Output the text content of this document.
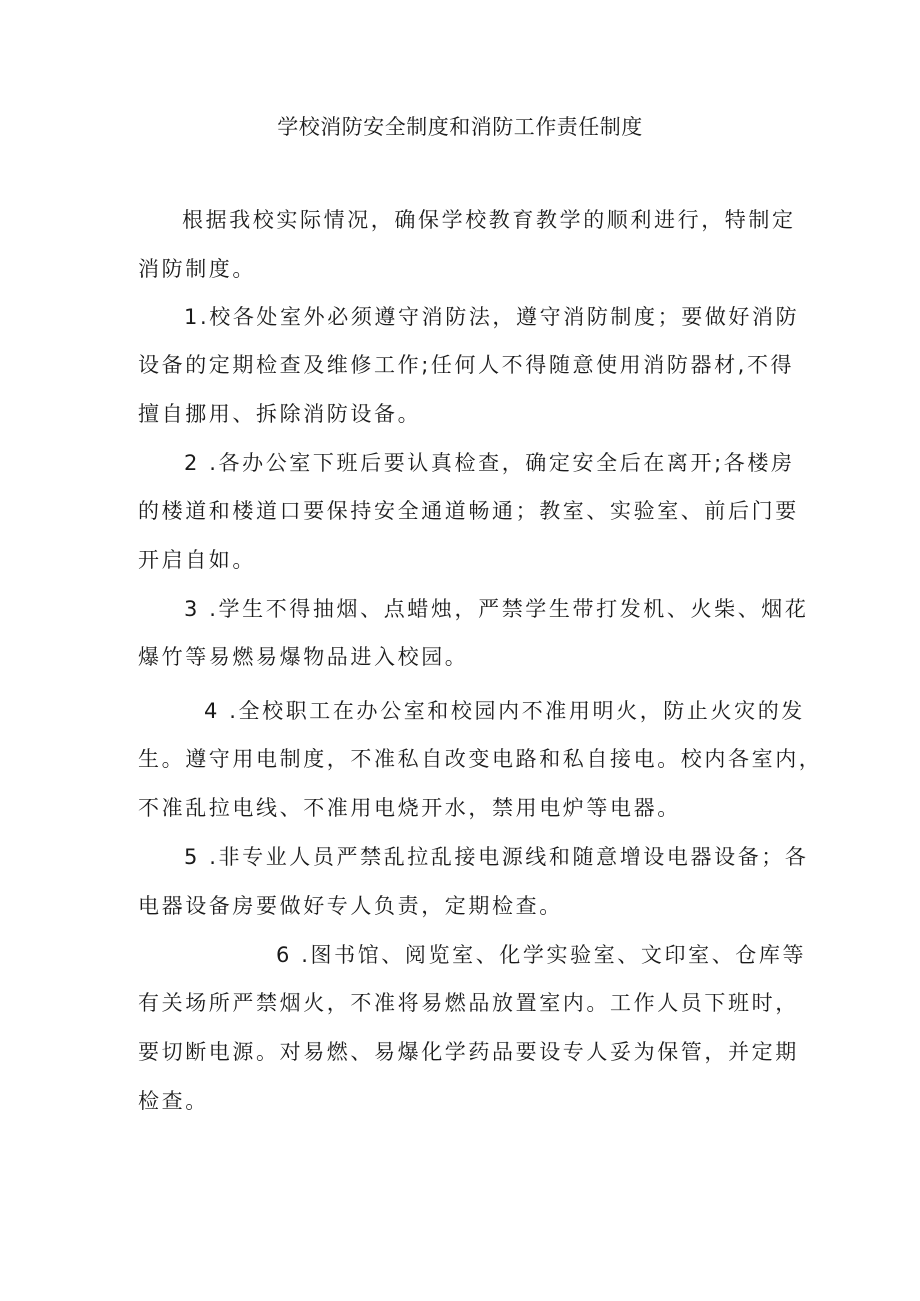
学校消防安全制度和消防工作责任制度
根据我校实际情况，确保学校教育教学的顺利进行，特制定
消防制度。
1.校各处室外必须遵守消防法，遵守消防制度；要做好消防
设备的定期检查及维修工作;任何人不得随意使用消防器材,不得
擅自挪用、拆除消防设备。
2 .各办公室下班后要认真检查，确定安全后在离开;各楼房
的楼道和楼道口要保持安全通道畅通；教室、实验室、前后门要
开启自如。
3 .学生不得抽烟、点蜡烛，严禁学生带打发机、火柴、烟花
爆竹等易燃易爆物品进入校园。
4 .全校职工在办公室和校园内不准用明火，防止火灾的发
生。遵守用电制度，不准私自改变电路和私自接电。校内各室内，
不准乱拉电线、不准用电烧开水，禁用电炉等电器。
5 .非专业人员严禁乱拉乱接电源线和随意增设电器设备；各
电器设备房要做好专人负责，定期检查。
6 .图书馆、阅览室、化学实验室、文印室、仓库等
有关场所严禁烟火，不准将易燃品放置室内。工作人员下班时，
要切断电源。对易燃、易爆化学药品要设专人妥为保管，并定期
检查。
